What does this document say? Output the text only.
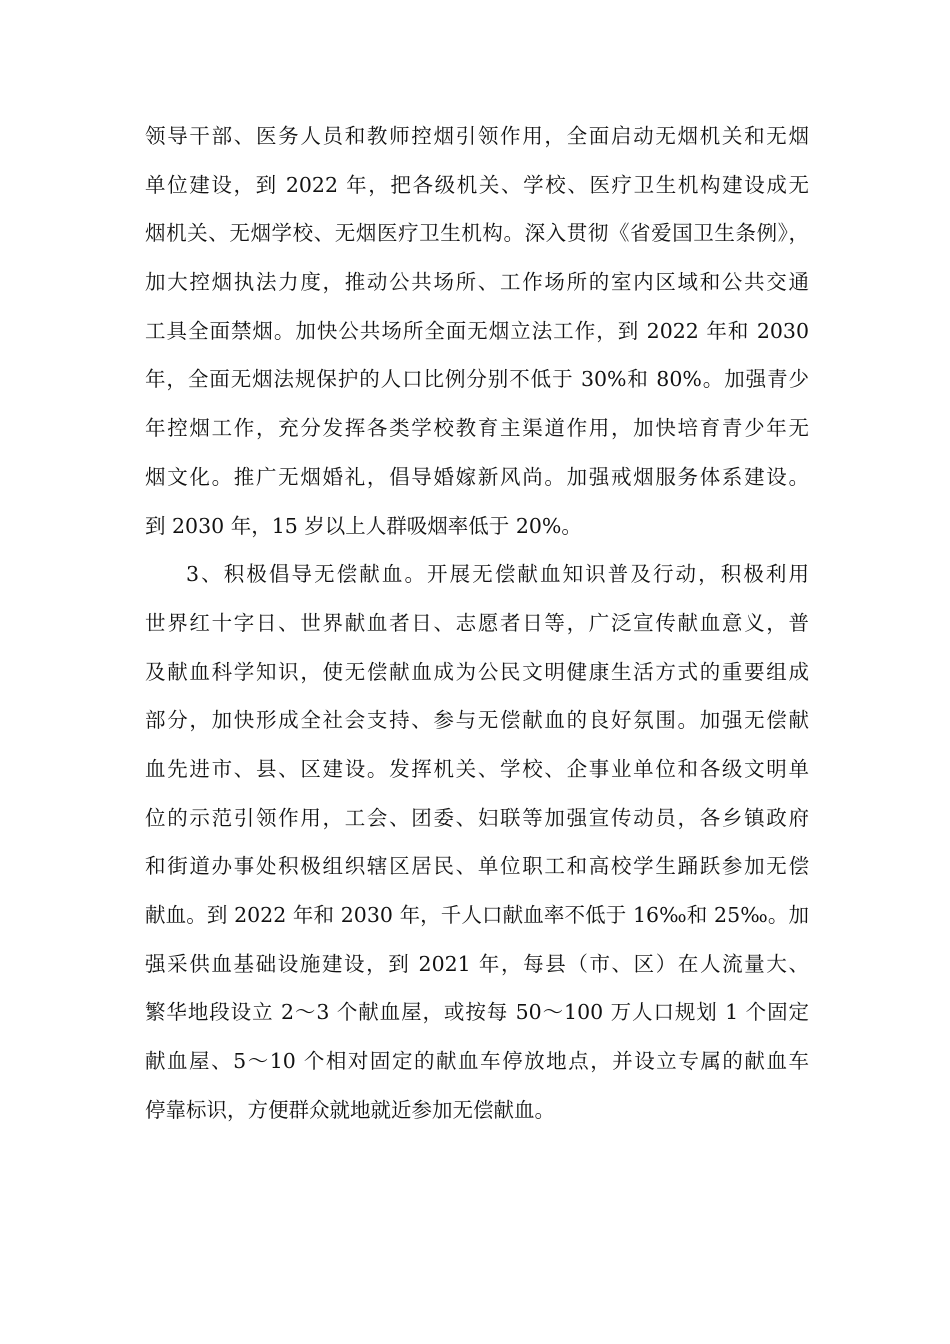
领导干部、医务人员和教师控烟引领作用，全面启动无烟机关和无烟
单位建设，到 2022 年，把各级机关、学校、医疗卫生机构建设成无
烟机关、无烟学校、无烟医疗卫生机构。深入贯彻《省爱国卫生条例》，
加大控烟执法力度，推动公共场所、工作场所的室内区域和公共交通
工具全面禁烟。加快公共场所全面无烟立法工作，到 2022 年和 2030
年，全面无烟法规保护的人口比例分别不低于 30%和 80%。加强青少
年控烟工作，充分发挥各类学校教育主渠道作用，加快培育青少年无
烟文化。推广无烟婚礼，倡导婚嫁新风尚。加强戒烟服务体系建设。
到 2030 年，15 岁以上人群吸烟率低于 20%。
3、积极倡导无偿献血。开展无偿献血知识普及行动，积极利用
世界红十字日、世界献血者日、志愿者日等，广泛宣传献血意义，普
及献血科学知识，使无偿献血成为公民文明健康生活方式的重要组成
部分，加快形成全社会支持、参与无偿献血的良好氛围。加强无偿献
血先进市、县、区建设。发挥机关、学校、企事业单位和各级文明单
位的示范引领作用，工会、团委、妇联等加强宣传动员，各乡镇政府
和街道办事处积极组织辖区居民、单位职工和高校学生踊跃参加无偿
献血。到 2022 年和 2030 年，千人口献血率不低于 16‰和 25‰。加
强采供血基础设施建设，到 2021 年，每县（市、区）在人流量大、
繁华地段设立 2～3 个献血屋，或按每 50～100 万人口规划 1 个固定
献血屋、5～10 个相对固定的献血车停放地点，并设立专属的献血车
停靠标识，方便群众就地就近参加无偿献血。
